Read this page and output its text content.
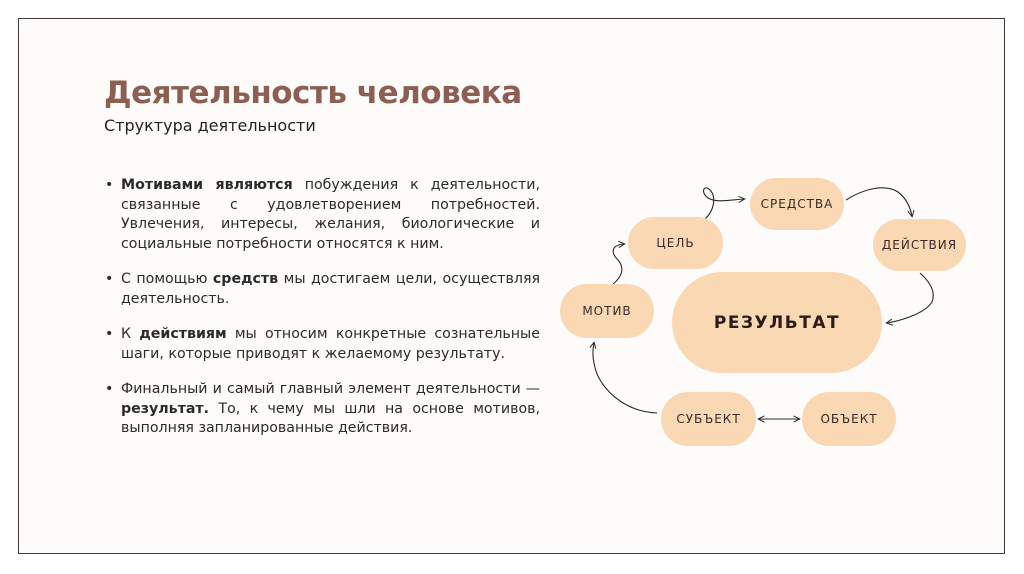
Деятельность человека
Структура деятельности
• Мотивами являются побуждения к деятельности, связанные с удовлетворением потребностей. Увлечения, интересы, желания, биологические и социальные потребности относятся к ним.
• С помощью средств мы достигаем цели, осуществляя деятельность.
• К действиям мы относим конкретные сознательные шаги, которые приводят к желаемому результату.
• Финальный и самый главный элемент деятельности — результат. То, к чему мы шли на основе мотивов, выполняя запланированные действия.
СРЕДСТВА
ЦЕЛЬ	ДЕЙСТВИЯ
МОТИВ
РЕЗУЛЬТАТ
СУБЪЕКТ	ОБЪЕКТ
